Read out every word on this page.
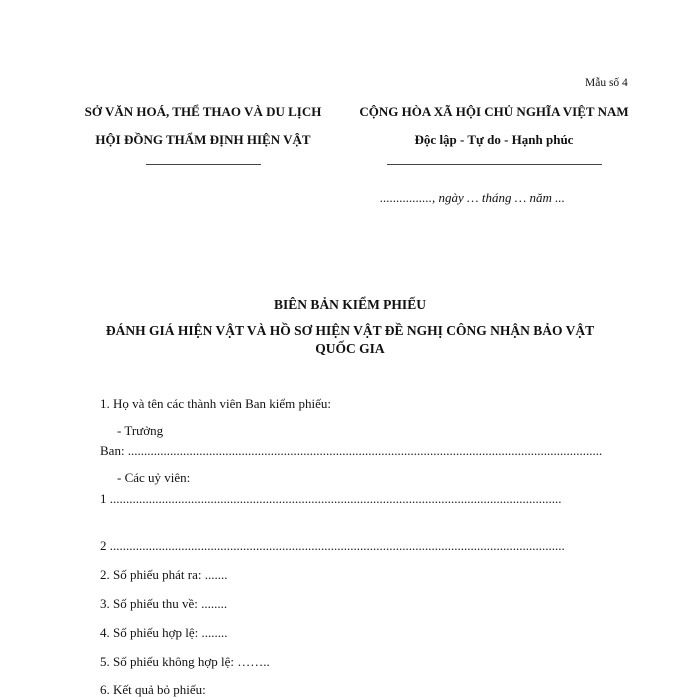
Mẫu số 4
SỞ VĂN HOÁ, THỂ THAO VÀ DU LỊCH
HỘI ĐỒNG THẨM ĐỊNH HIỆN VẬT
CỘNG HÒA XÃ HỘI CHỦ NGHĨA VIỆT NAM
Độc lập - Tự do - Hạnh phúc
................, ngày … tháng … năm ...
BIÊN BẢN KIỂM PHIẾU
ĐÁNH GIÁ HIỆN VẬT VÀ HỒ SƠ HIỆN VẬT ĐỀ NGHỊ CÔNG NHẬN BẢO VẬT QUỐC GIA
1. Họ và tên các thành viên Ban kiểm phiếu:
- Trưởng
Ban: ..................................................................................................................................................
- Các uỷ viên:
1 ...........................................................................................................................................
2 ............................................................................................................................................
2. Số phiếu phát ra: .......
3. Số phiếu thu về: ........
4. Số phiếu hợp lệ: ........
5. Số phiếu không hợp lệ: ……..
6. Kết quả bỏ phiếu:
